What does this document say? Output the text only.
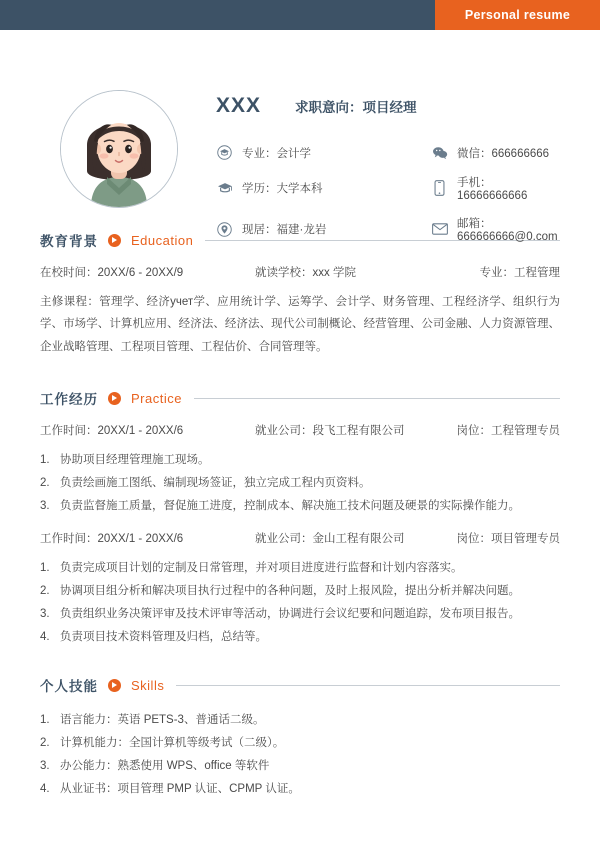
Personal resume
XXX	求职意向：项目经理
专业：会计学	微信：666666666
学历：大学本科	手机：16666666666
现居：福建·龙岩	邮箱：666666666@0.com
教育背景	Education
在校时间：20XX/6 - 20XX/9	就读学校：xxx 学院	专业：工程管理

主修课程：管理学、经济учет学、应用统计学、运筹学、会计学、财务管理、工程经济学、组织行为学、市场学、计算机应用、经济法、经济法、现代公司制概论、经营管理、公司金融、人力资源管理、企业战略管理、工程项目管理、工程估价、合同管理等。

工作经历	Practice
工作时间：20XX/1 - 20XX/6	就业公司：段飞工程有限公司	岗位：工程管理专员
1. 协助项目经理管理施工现场。
2. 负责绘画施工图纸、编制现场签证，独立完成工程内页资料。
3. 负责监督施工质量，督促施工进度，控制成本、解决施工技术问题及硬景的实际操作能力。
工作时间：20XX/1 - 20XX/6	就业公司：金山工程有限公司	岗位：项目管理专员
1. 负责完成项目计划的定制及日常管理，并对项目进度进行监督和计划内容落实。
2. 协调项目组分析和解决项目执行过程中的各种问题，及时上报风险，提出分析并解决问题。
3. 负责组织业务决策评审及技术评审等活动，协调进行会议纪要和问题追踪，发布项目报告。
4. 负责项目技术资料管理及归档，总结等。
个人技能	Skills
1. 语言能力：英语 PETS-3、普通话二级。
2. 计算机能力：全国计算机等级考试（二级）。
3. 办公能力：熟悉使用 WPS、office 等软件
4. 从业证书：项目管理 PMP 认证、CPMP 认证。
